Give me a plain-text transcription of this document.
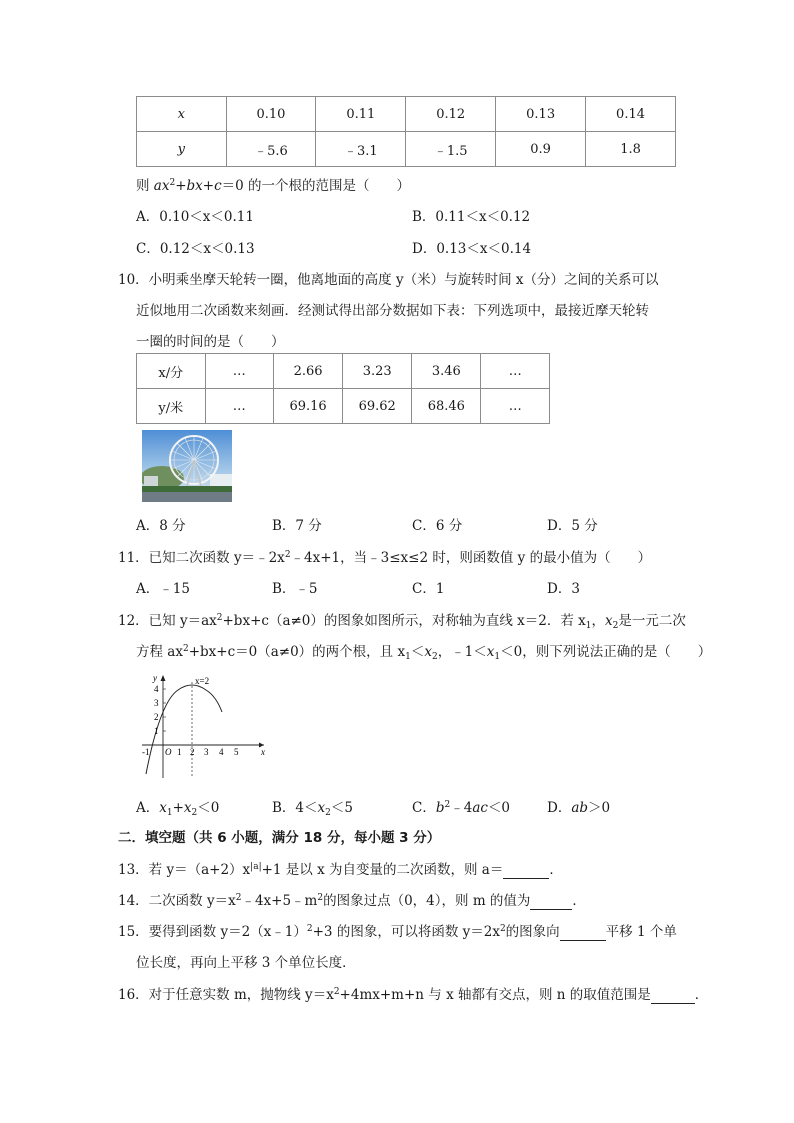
x	0.10	0.11	0.12	0.13	0.14
y	﹣5.6	﹣3.1	﹣1.5	0.9	1.8
则 $ax^2+bx+c=0$ 的一个根的范围是（　　）
A．0.10＜x＜0.11	B．0.11＜x＜0.12
C．0.12＜x＜0.13	D．0.13＜x＜0.14
10．小明乘坐摩天轮转一圈，他离地面的高度 y（米）与旋转时间 x（分）之间的关系可以
近似地用二次函数来刻画．经测试得出部分数据如下表：下列选项中，最接近摩天轮转
一圈的时间的是（　　）
x/分	…	2.66	3.23	3.46	…
y/米	…	69.16	69.62	68.46	…
A．8 分	B．7 分	C．6 分	D．5 分
11．已知二次函数 $y=﹣2x^2﹣4x+1$，当﹣3≤x≤2 时，则函数值 y 的最小值为（　　）
A．﹣15	B．﹣5	C．1	D．3
12．已知 $y=ax^2+bx+c(a\ne 0)$的图象如图所示，对称轴为直线 x＝2．若 $x_1$，$x_2$是一元二次
方程 $ax^2+bx+c=0(a\ne 0)$的两个根，且 $x_1<x_2$，$﹣1<x_1<0$，则下列说法正确的是（　　）
y
x
x=2
4
3
2
1
-1 O 1 2 3 4 5
A．$x_1+x_2<0$	B．$4<x_2<5$	C．$b^2﹣4ac<0$	D．ab＞0
二．填空题（共 6 小题，满分 18 分，每小题 3 分）
13．若 $y=(a+2)x^{|a|}+1$ 是以 x 为自变量的二次函数，则 a＝	．
14．二次函数 $y=x^2﹣4x+5﹣m^2$的图象过点（0，4），则 m 的值为	．
15．要得到函数 y＝2（x﹣1）$^2$+3 的图象，可以将函数 $y=2x^2$的图象向	平移 1 个单
位长度，再向上平移 3 个单位长度．
16．对于任意实数 m，抛物线 $y=x^2+4mx+m+n$ 与 x 轴都有交点，则 n 的取值范围是	．
